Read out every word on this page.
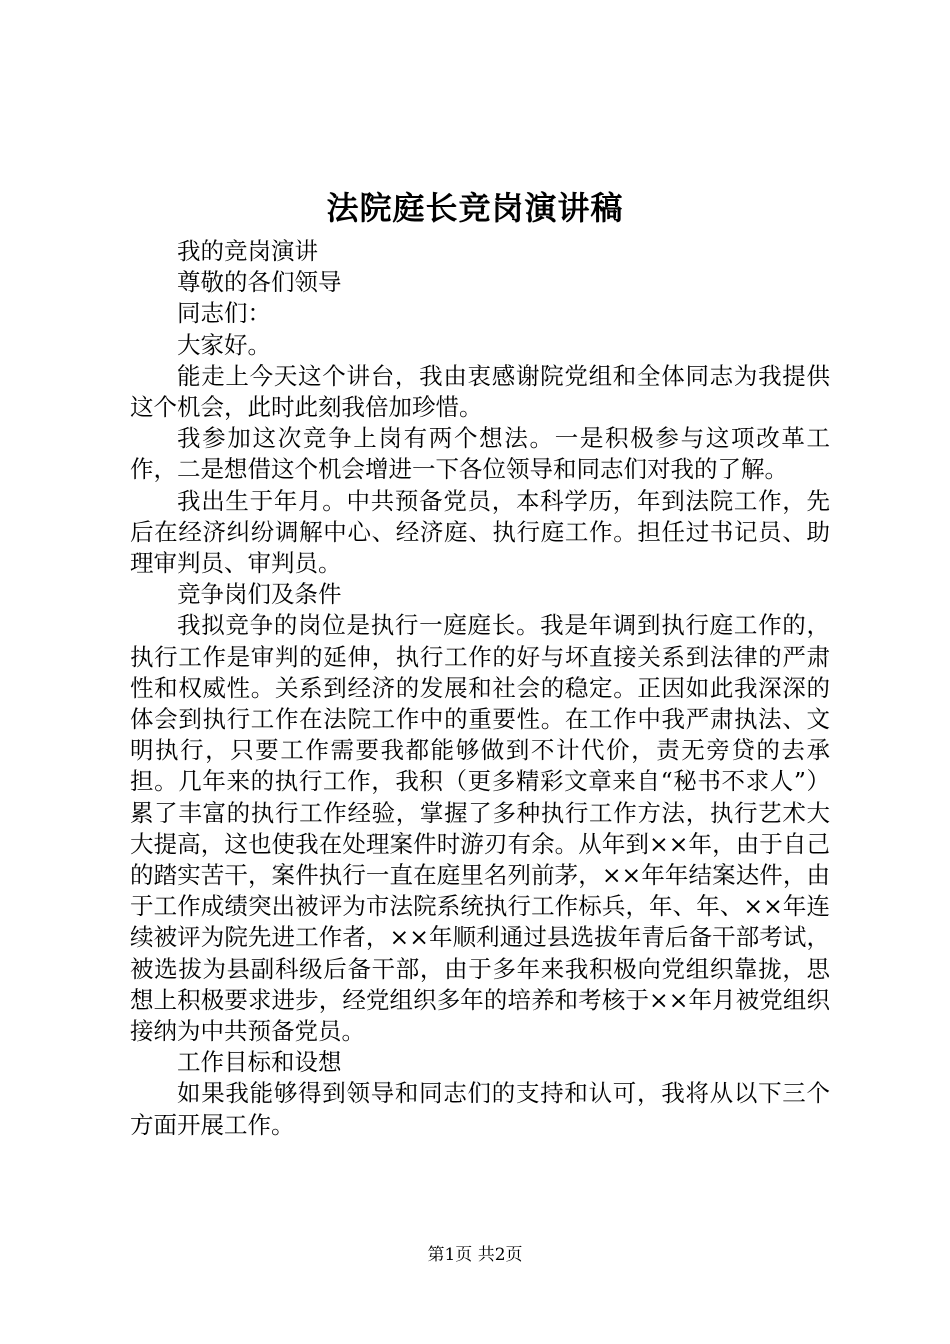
法院庭长竞岗演讲稿

我的竞岗演讲

尊敬的各们领导

同志们：

大家好。

能走上今天这个讲台，我由衷感谢院党组和全体同志为我提供这个机会，此时此刻我倍加珍惜。

我参加这次竞争上岗有两个想法。一是积极参与这项改革工作，二是想借这个机会增进一下各位领导和同志们对我的了解。

我出生于年月。中共预备党员，本科学历，年到法院工作，先后在经济纠纷调解中心、经济庭、执行庭工作。担任过书记员、助理审判员、审判员。

竞争岗们及条件

我拟竞争的岗位是执行一庭庭长。我是年调到执行庭工作的，执行工作是审判的延伸，执行工作的好与坏直接关系到法律的严肃性和权威性。关系到经济的发展和社会的稳定。正因如此我深深的体会到执行工作在法院工作中的重要性。在工作中我严肃执法、文明执行，只要工作需要我都能够做到不计代价，责无旁贷的去承担。几年来的执行工作，我积（更多精彩文章来自“秘书不求人”）累了丰富的执行工作经验，掌握了多种执行工作方法，执行艺术大大提高，这也使我在处理案件时游刃有余。从年到××年，由于自己的踏实苦干，案件执行一直在庭里名列前茅，××年年结案达件，由于工作成绩突出被评为市法院系统执行工作标兵，年、年、××年连续被评为院先进工作者，××年顺利通过县选拔年青后备干部考试，被选拔为县副科级后备干部，由于多年来我积极向党组织靠拢，思想上积极要求进步，经党组织多年的培养和考核于××年月被党组织接纳为中共预备党员。

工作目标和设想

如果我能够得到领导和同志们的支持和认可，我将从以下三个方面开展工作。

第1页 共2页
